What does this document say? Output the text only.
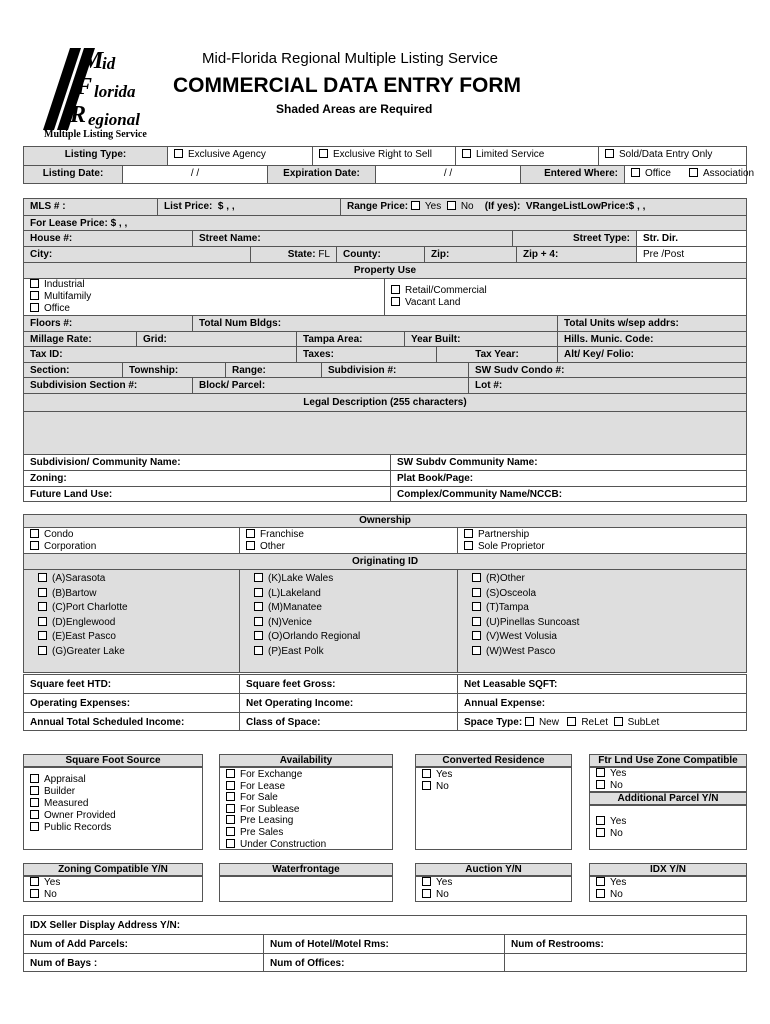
M
id
F lorida
R egional
Multiple Listing Service
Mid-Florida Regional Multiple Listing Service
COMMERCIAL DATA ENTRY FORM
Shaded Areas are Required
Listing Type:	Exclusive Agency	Exclusive Right to Sell	Limited Service	Sold/Data Entry Only
Listing Date:	/ /	Expiration Date:	/ /	Entered Where:	Office	Association
MLS # :	List Price: $ , ,	Range Price: Yes No (If yes): VRangeListLowPrice:$ , ,
For Lease Price: $ , ,
House #:	Street Name:	Street Type:	Str. Dir.
City:	State: FL	County:	Zip:	Zip + 4:	Pre /Post
Property Use
Industrial
Multifamily
Office
Retail/Commercial
Vacant Land
Floors #:	Total Num Bldgs:	Total Units w/sep addrs:
Millage Rate:	Grid:	Tampa Area:	Year Built:	Hills. Munic. Code:
Tax ID:	Taxes:	Tax Year:	Alt/ Key/ Folio:
Section:	Township:	Range:	Subdivision #:	SW Sudv Condo #:
Subdivision Section #:	Block/ Parcel:	Lot #:
Legal Description (255 characters)
Subdivision/ Community Name:	SW Subdv Community Name:
Zoning:	Plat Book/Page:
Future Land Use:	Complex/Community Name/NCCB:
Ownership
Condo
Corporation
Franchise
Other
Partnership
Sole Proprietor
Originating ID
(A)Sarasota
(B)Bartow
(C)Port Charlotte
(D)Englewood
(E)East Pasco
(G)Greater Lake
(K)Lake Wales
(L)Lakeland
(M)Manatee
(N)Venice
(O)Orlando Regional
(P)East Polk
(R)Other
(S)Osceola
(T)Tampa
(U)Pinellas Suncoast
(V)West Volusia
(W)West Pasco
Square feet HTD:	Square feet Gross:	Net Leasable SQFT:
Operating Expenses:	Net Operating Income:	Annual Expense:
Annual Total Scheduled Income:	Class of Space:	Space Type: New ReLet SubLet
Square Foot Source
Appraisal
Builder
Measured
Owner Provided
Public Records
Availability
For Exchange
For Lease
For Sale
For Sublease
Pre Leasing
Pre Sales
Under Construction
Converted Residence
Yes
No
Ftr Lnd Use Zone Compatible
Yes
No
Additional Parcel Y/N
Yes
No
Zoning Compatible Y/N
Yes
No
Waterfrontage	Auction Y/N
Yes
No
IDX Y/N
Yes
No
IDX Seller Display Address Y/N:
Num of Add Parcels:	Num of Hotel/Motel Rms:	Num of Restrooms:
Num of Bays :	Num of Offices:
